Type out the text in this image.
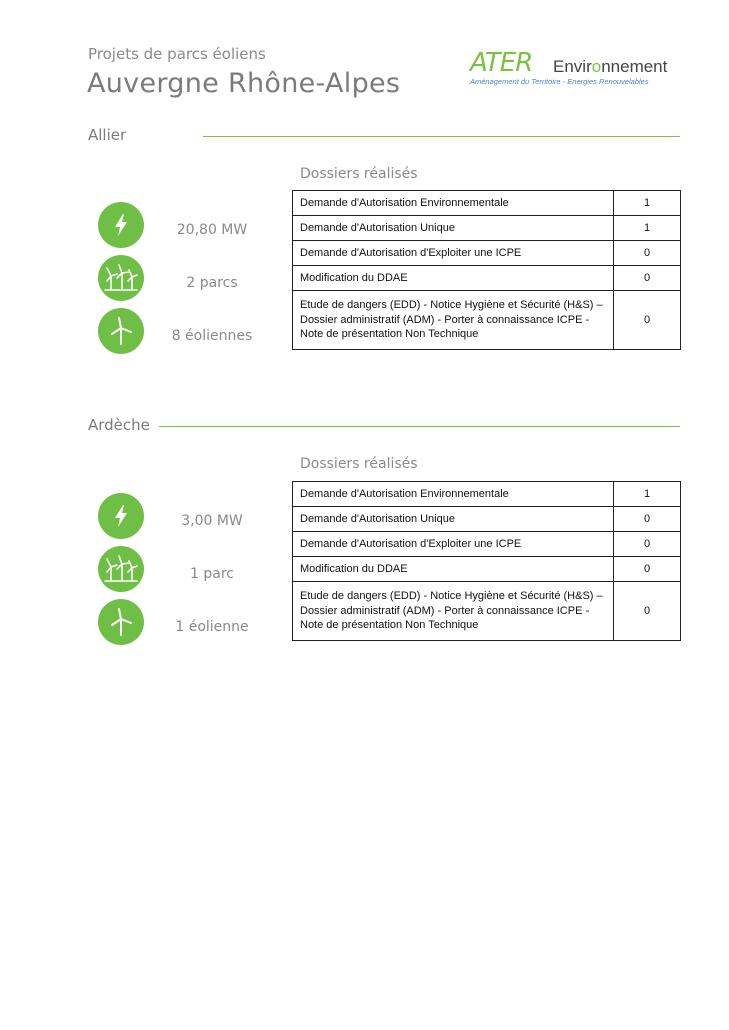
Projets de parcs éoliens
Auvergne Rhône-Alpes
ATER Environnement
Aménagement du Territoire - Energies Renouvelables
Allier
Dossiers réalisés
20,80 MW
2 parcs
8 éoliennes
Demande d'Autorisation Environnementale	1
Demande d'Autorisation Unique	1
Demande d'Autorisation d'Exploiter une ICPE	0
Modification du DDAE	0
Etude de dangers (EDD) - Notice Hygiène et Sécurité (H&S) – Dossier administratif (ADM) - Porter à connaissance ICPE - Note de présentation Non Technique	0
Ardèche
Dossiers réalisés
3,00 MW
1 parc
1 éolienne
Demande d'Autorisation Environnementale	1
Demande d'Autorisation Unique	0
Demande d'Autorisation d'Exploiter une ICPE	0
Modification du DDAE	0
Etude de dangers (EDD) - Notice Hygiène et Sécurité (H&S) – Dossier administratif (ADM) - Porter à connaissance ICPE - Note de présentation Non Technique	0
